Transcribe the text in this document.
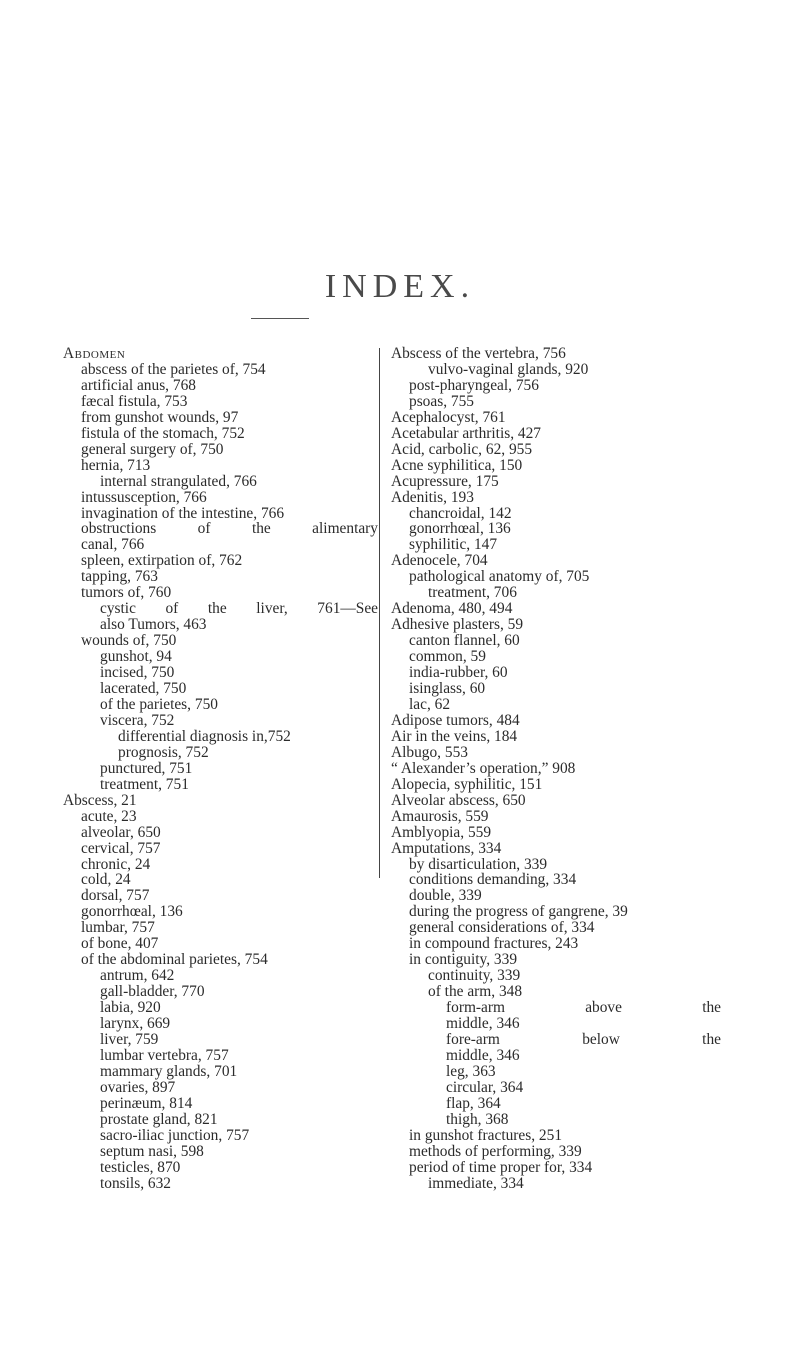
INDEX.
Abdomen
abscess of the parietes of, 754
artificial anus, 768
fæcal fistula, 753
from gunshot wounds, 97
fistula of the stomach, 752
general surgery of, 750
hernia, 713
internal strangulated, 766
intussusception, 766
invagination of the intestine, 766
obstructions of the alimentary
canal, 766
spleen, extirpation of, 762
tapping, 763
tumors of, 760
cystic of the liver, 761—See
also Tumors, 463
wounds of, 750
gunshot, 94
incised, 750
lacerated, 750
of the parietes, 750
viscera, 752
differential diagnosis in,752
prognosis, 752
punctured, 751
treatment, 751
Abscess, 21
acute, 23
alveolar, 650
cervical, 757
chronic, 24
cold, 24
dorsal, 757
gonorrhœal, 136
lumbar, 757
of bone, 407
of the abdominal parietes, 754
antrum, 642
gall-bladder, 770
labia, 920
larynx, 669
liver, 759
lumbar vertebra, 757
mammary glands, 701
ovaries, 897
perinæum, 814
prostate gland, 821
sacro-iliac junction, 757
septum nasi, 598
testicles, 870
tonsils, 632
Abscess of the vertebra, 756
vulvo-vaginal glands, 920
post-pharyngeal, 756
psoas, 755
Acephalocyst, 761
Acetabular arthritis, 427
Acid, carbolic, 62, 955
Acne syphilitica, 150
Acupressure, 175
Adenitis, 193
chancroidal, 142
gonorrhœal, 136
syphilitic, 147
Adenocele, 704
pathological anatomy of, 705
treatment, 706
Adenoma, 480, 494
Adhesive plasters, 59
canton flannel, 60
common, 59
india-rubber, 60
isinglass, 60
lac, 62
Adipose tumors, 484
Air in the veins, 184
Albugo, 553
“ Alexander’s operation,” 908
Alopecia, syphilitic, 151
Alveolar abscess, 650
Amaurosis, 559
Amblyopia, 559
Amputations, 334
by disarticulation, 339
conditions demanding, 334
double, 339
during the progress of gangrene, 39
general considerations of, 334
in compound fractures, 243
in contiguity, 339
continuity, 339
of the arm, 348
form-arm above the
middle, 346
fore-arm below the
middle, 346
leg, 363
circular, 364
flap, 364
thigh, 368
in gunshot fractures, 251
methods of performing, 339
period of time proper for, 334
immediate, 334
